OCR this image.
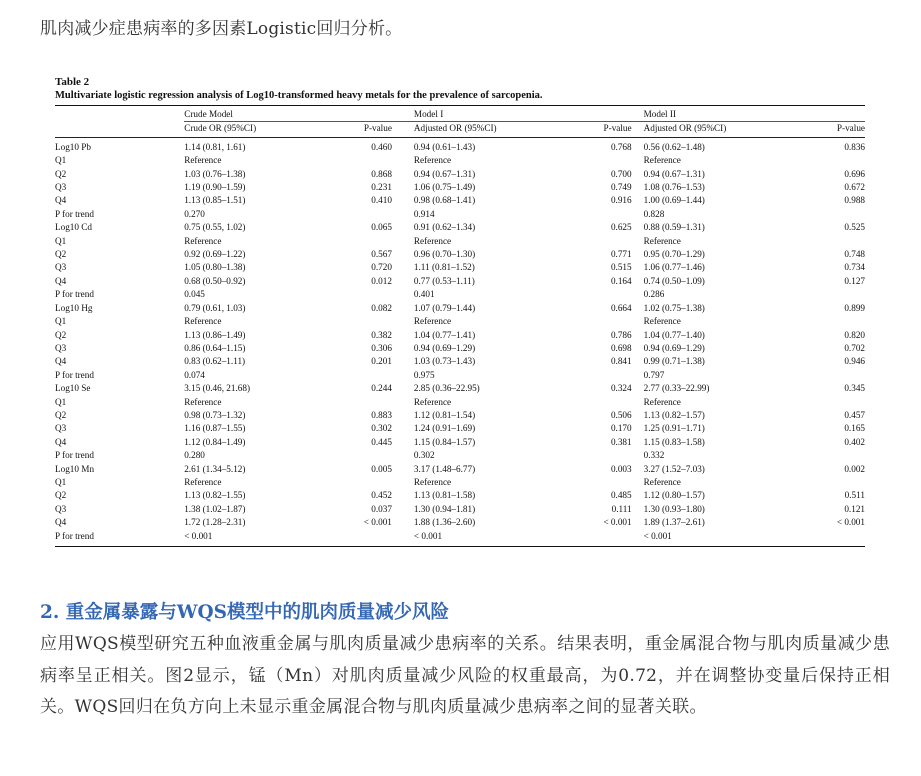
肌肉减少症患病率的多因素Logistic回归分析。
Table 2
Multivariate logistic regression analysis of Log10-transformed heavy metals for the prevalence of sarcopenia.
	Crude Model		Model I		Model II	
	Crude OR (95%CI)	P-value	Adjusted OR (95%CI)	P-value	Adjusted OR (95%CI)	P-value
Log10 Pb	1.14 (0.81, 1.61)	0.460	0.94 (0.61–1.43)	0.768	0.56 (0.62–1.48)	0.836
Q1	Reference		Reference		Reference	
Q2	1.03 (0.76–1.38)	0.868	0.94 (0.67–1.31)	0.700	0.94 (0.67–1.31)	0.696
Q3	1.19 (0.90–1.59)	0.231	1.06 (0.75–1.49)	0.749	1.08 (0.76–1.53)	0.672
Q4	1.13 (0.85–1.51)	0.410	0.98 (0.68–1.41)	0.916	1.00 (0.69–1.44)	0.988
P for trend	0.270		0.914		0.828	
Log10 Cd	0.75 (0.55, 1.02)	0.065	0.91 (0.62–1.34)	0.625	0.88 (0.59–1.31)	0.525
Q1	Reference		Reference		Reference	
Q2	0.92 (0.69–1.22)	0.567	0.96 (0.70–1.30)	0.771	0.95 (0.70–1.29)	0.748
Q3	1.05 (0.80–1.38)	0.720	1.11 (0.81–1.52)	0.515	1.06 (0.77–1.46)	0.734
Q4	0.68 (0.50–0.92)	0.012	0.77 (0.53–1.11)	0.164	0.74 (0.50–1.09)	0.127
P for trend	0.045		0.401		0.286	
Log10 Hg	0.79 (0.61, 1.03)	0.082	1.07 (0.79–1.44)	0.664	1.02 (0.75–1.38)	0.899
Q1	Reference		Reference		Reference	
Q2	1.13 (0.86–1.49)	0.382	1.04 (0.77–1.41)	0.786	1.04 (0.77–1.40)	0.820
Q3	0.86 (0.64–1.15)	0.306	0.94 (0.69–1.29)	0.698	0.94 (0.69–1.29)	0.702
Q4	0.83 (0.62–1.11)	0.201	1.03 (0.73–1.43)	0.841	0.99 (0.71–1.38)	0.946
P for trend	0.074		0.975		0.797	
Log10 Se	3.15 (0.46, 21.68)	0.244	2.85 (0.36–22.95)	0.324	2.77 (0.33–22.99)	0.345
Q1	Reference		Reference		Reference	
Q2	0.98 (0.73–1.32)	0.883	1.12 (0.81–1.54)	0.506	1.13 (0.82–1.57)	0.457
Q3	1.16 (0.87–1.55)	0.302	1.24 (0.91–1.69)	0.170	1.25 (0.91–1.71)	0.165
Q4	1.12 (0.84–1.49)	0.445	1.15 (0.84–1.57)	0.381	1.15 (0.83–1.58)	0.402
P for trend	0.280		0.302		0.332	
Log10 Mn	2.61 (1.34–5.12)	0.005	3.17 (1.48–6.77)	0.003	3.27 (1.52–7.03)	0.002
Q1	Reference		Reference		Reference	
Q2	1.13 (0.82–1.55)	0.452	1.13 (0.81–1.58)	0.485	1.12 (0.80–1.57)	0.511
Q3	1.38 (1.02–1.87)	0.037	1.30 (0.94–1.81)	0.111	1.30 (0.93–1.80)	0.121
Q4	1.72 (1.28–2.31)	< 0.001	1.88 (1.36–2.60)	< 0.001	1.89 (1.37–2.61)	< 0.001
P for trend	< 0.001		< 0.001		< 0.001	
2. 重金属暴露与WQS模型中的肌肉质量减少风险
应用WQS模型研究五种血液重金属与肌肉质量减少患病率的关系。结果表明，重金属混合物与肌肉质量减少患病率呈正相关。图2显示，锰（Mn）对肌肉质量减少风险的权重最高，为0.72，并在调整协变量后保持正相关。WQS回归在负方向上未显示重金属混合物与肌肉质量减少患病率之间的显著关联。
